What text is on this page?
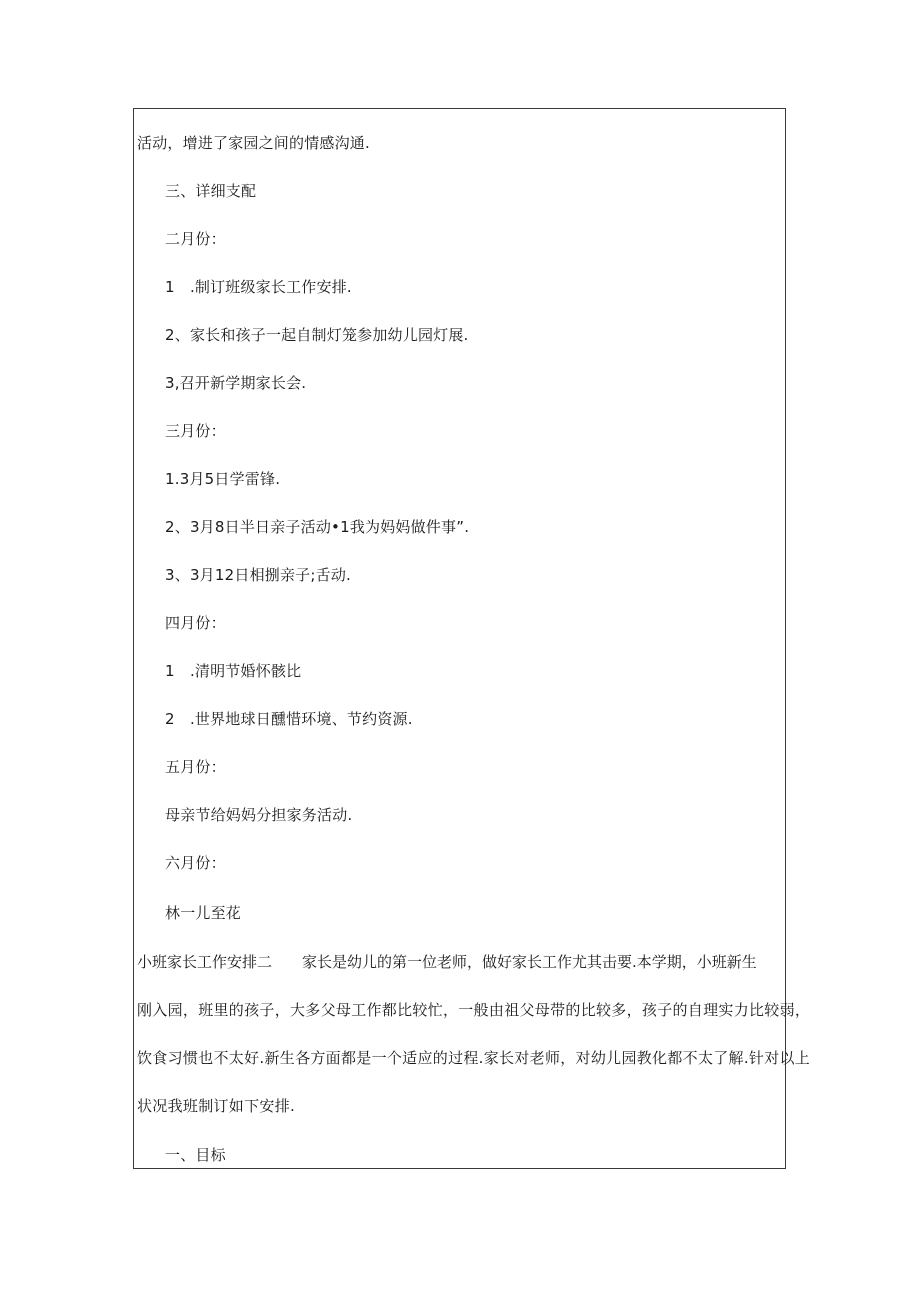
活动，增进了家园之间的情感沟通.
三、详细支配
二月份：
1　.制订班级家长工作安排.
2、家长和孩子一起自制灯笼参加幼儿园灯展.
3,召开新学期家长会.
三月份：
1.3月5日学雷锋.
2、3月8日半日亲子活动•1我为妈妈做件事”.
3、3月12日相捌亲子;舌动.
四月份：
1　.清明节婚怀骸比
2　.世界地球日醺惜环境、节约资源.
五月份：
母亲节给妈妈分担家务活动.
六月份：
林一儿至花
小班家长工作安排二 家长是幼儿的第一位老师，做好家长工作尤其击要.本学期，小班新生
刚入园，班里的孩子，大多父母工作都比较忙，一般由祖父母带的比较多，孩子的自理实力比较弱，
饮食习惯也不太好.新生各方面都是一个适应的过程.家长对老师，对幼儿园教化都不太了解.针对以上
状况我班制订如下安排.
一、目标
